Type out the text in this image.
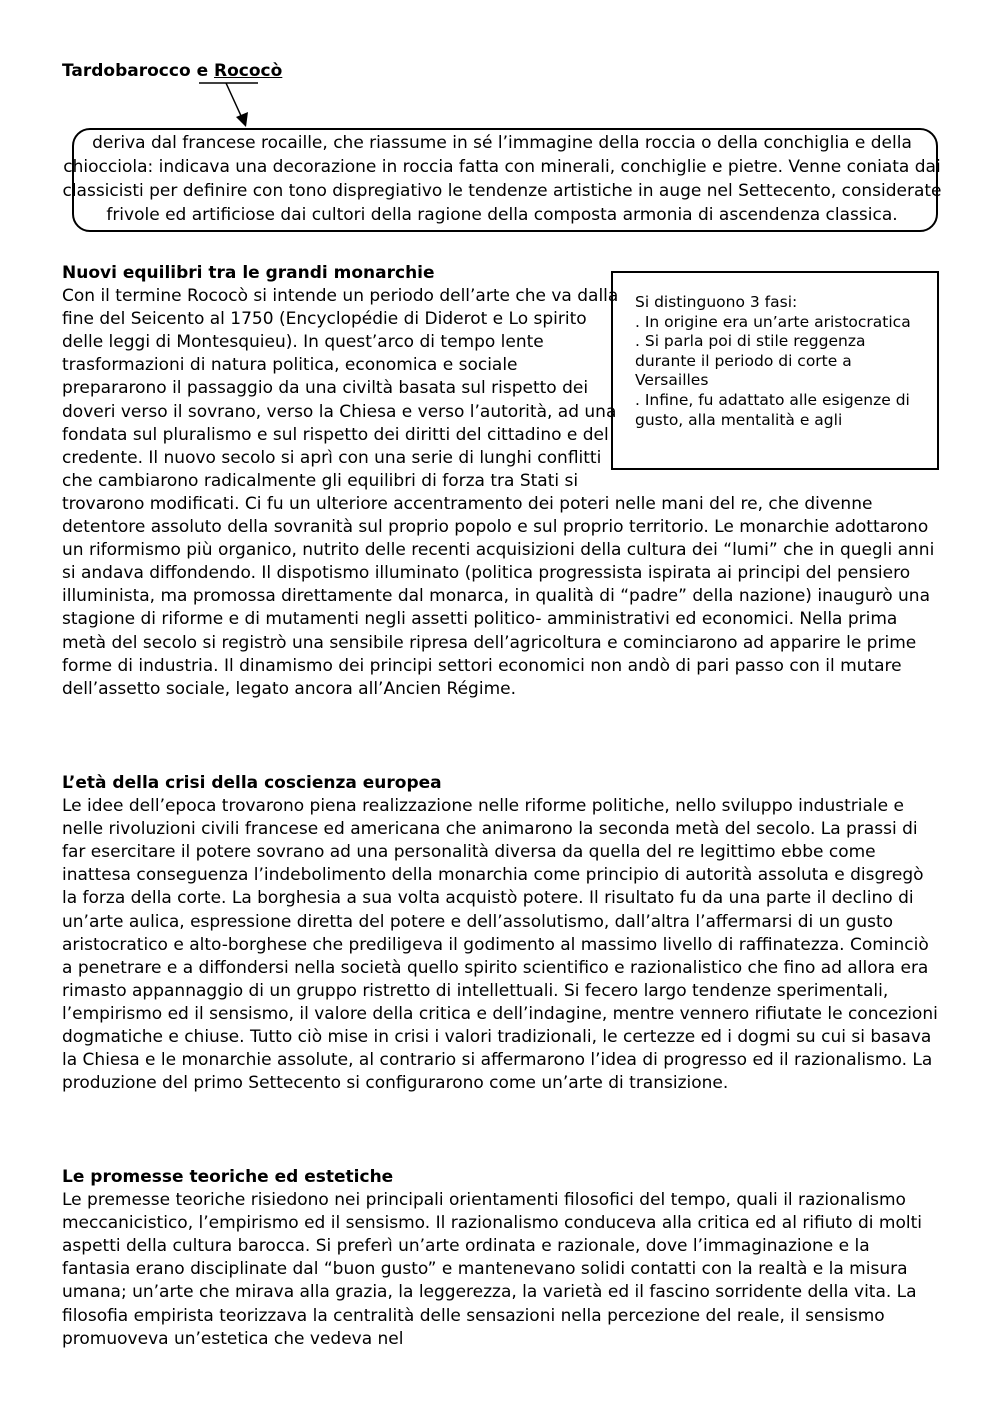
Tardobarocco e Rococò
deriva dal francese rocaille, che riassume in sé l’immagine della roccia o della conchiglia e della chiocciola: indicava una decorazione in roccia fatta con minerali, conchiglie e pietre. Venne coniata dai classicisti per definire con tono dispregiativo le tendenze artistiche in auge nel Settecento, considerate frivole ed artificiose dai cultori della ragione della composta armonia di ascendenza classica.

Si distinguono 3 fasi:

. In origine era un’arte aristocratica

. Si parla poi di stile reggenza durante il periodo di corte a Versailles

. Infine, fu adattato alle esigenze di gusto, alla mentalità e agli

Nuovi equilibri tra le grandi monarchie

Con il termine Rococò si intende un periodo dell’arte che va dalla fine del Seicento al 1750 (Encyclopédie di Diderot e Lo spirito delle leggi di Montesquieu). In quest’arco di tempo lente trasformazioni di natura politica, economica e sociale prepararono il passaggio da una civiltà basata sul rispetto dei doveri verso il sovrano, verso la Chiesa e verso l’autorità, ad una fondata sul pluralismo e sul rispetto dei diritti del cittadino e del credente. Il nuovo secolo si aprì con una serie di lunghi conflitti che cambiarono radicalmente gli equilibri di forza tra Stati si trovarono modificati. Ci fu un ulteriore accentramento dei poteri nelle mani del re, che divenne detentore assoluto della sovranità sul proprio popolo e sul proprio territorio. Le monarchie adottarono un riformismo più organico, nutrito delle recenti acquisizioni della cultura dei “lumi” che in quegli anni si andava diffondendo. Il dispotismo illuminato (politica progressista ispirata ai principi del pensiero illuminista, ma promossa direttamente dal monarca, in qualità di “padre” della nazione) inaugurò una stagione di riforme e di mutamenti negli assetti politico- amministrativi ed economici. Nella prima metà del secolo si registrò una sensibile ripresa dell’agricoltura e cominciarono ad apparire le prime forme di industria. Il dinamismo dei principi settori economici non andò di pari passo con il mutare dell’assetto sociale, legato ancora all’Ancien Régime.

L’età della crisi della coscienza europea

Le idee dell’epoca trovarono piena realizzazione nelle riforme politiche, nello sviluppo industriale e nelle rivoluzioni civili francese ed americana che animarono la seconda metà del secolo. La prassi di far esercitare il potere sovrano ad una personalità diversa da quella del re legittimo ebbe come inattesa conseguenza l’indebolimento della monarchia come principio di autorità assoluta e disgregò la forza della corte. La borghesia a sua volta acquistò potere. Il risultato fu da una parte il declino di un’arte aulica, espressione diretta del potere e dell’assolutismo, dall’altra l’affermarsi di un gusto aristocratico e alto-borghese che prediligeva il godimento al massimo livello di raffinatezza. Cominciò a penetrare e a diffondersi nella società quello spirito scientifico e razionalistico che fino ad allora era rimasto appannaggio di un gruppo ristretto di intellettuali. Si fecero largo tendenze sperimentali, l’empirismo ed il sensismo, il valore della critica e dell’indagine, mentre vennero rifiutate le concezioni dogmatiche e chiuse. Tutto ciò mise in crisi i valori tradizionali, le certezze ed i dogmi su cui si basava la Chiesa e le monarchie assolute, al contrario si affermarono l’idea di progresso ed il razionalismo. La produzione del primo Settecento si configurarono come un’arte di transizione.

Le promesse teoriche ed estetiche

Le premesse teoriche risiedono nei principali orientamenti filosofici del tempo, quali il razionalismo meccanicistico, l’empirismo ed il sensismo. Il razionalismo conduceva alla critica ed al rifiuto di molti aspetti della cultura barocca. Si preferì un’arte ordinata e razionale, dove l’immaginazione e la fantasia erano disciplinate dal “buon gusto” e mantenevano solidi contatti con la realtà e la misura umana; un’arte che mirava alla grazia, la leggerezza, la varietà ed il fascino sorridente della vita. La filosofia empirista teorizzava la centralità delle sensazioni nella percezione del reale, il sensismo promuoveva un’estetica che vedeva nel
